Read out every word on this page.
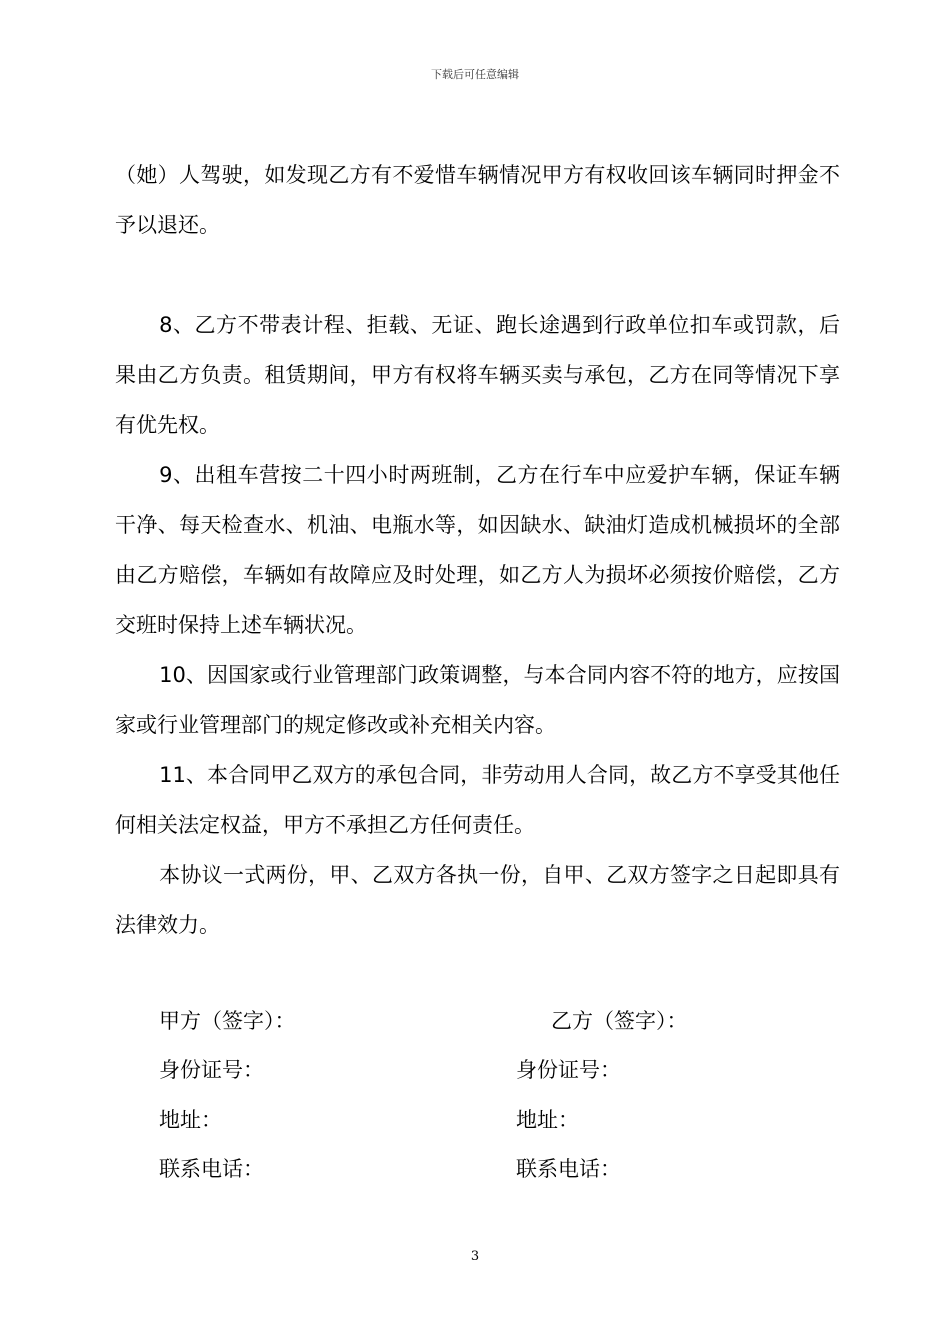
下载后可任意编辑
（她）人驾驶，如发现乙方有不爱惜车辆情况甲方有权收回该车辆同时押金不予以退还。

8、乙方不带表计程、拒载、无证、跑长途遇到行政单位扣车或罚款，后果由乙方负责。租赁期间，甲方有权将车辆买卖与承包，乙方在同等情况下享有优先权。

9、出租车营按二十四小时两班制，乙方在行车中应爱护车辆，保证车辆干净、每天检查水、机油、电瓶水等，如因缺水、缺油灯造成机械损坏的全部由乙方赔偿，车辆如有故障应及时处理，如乙方人为损坏必须按价赔偿，乙方交班时保持上述车辆状况。

10、因国家或行业管理部门政策调整，与本合同内容不符的地方，应按国家或行业管理部门的规定修改或补充相关内容。

11、本合同甲乙双方的承包合同，非劳动用人合同，故乙方不享受其他任何相关法定权益，甲方不承担乙方任何责任。

本协议一式两份，甲、乙双方各执一份，自甲、乙双方签字之日起即具有法律效力。

甲方（签字）：	乙方（签字）：
身份证号：	身份证号：
地址：	地址：
联系电话：	联系电话：
3
